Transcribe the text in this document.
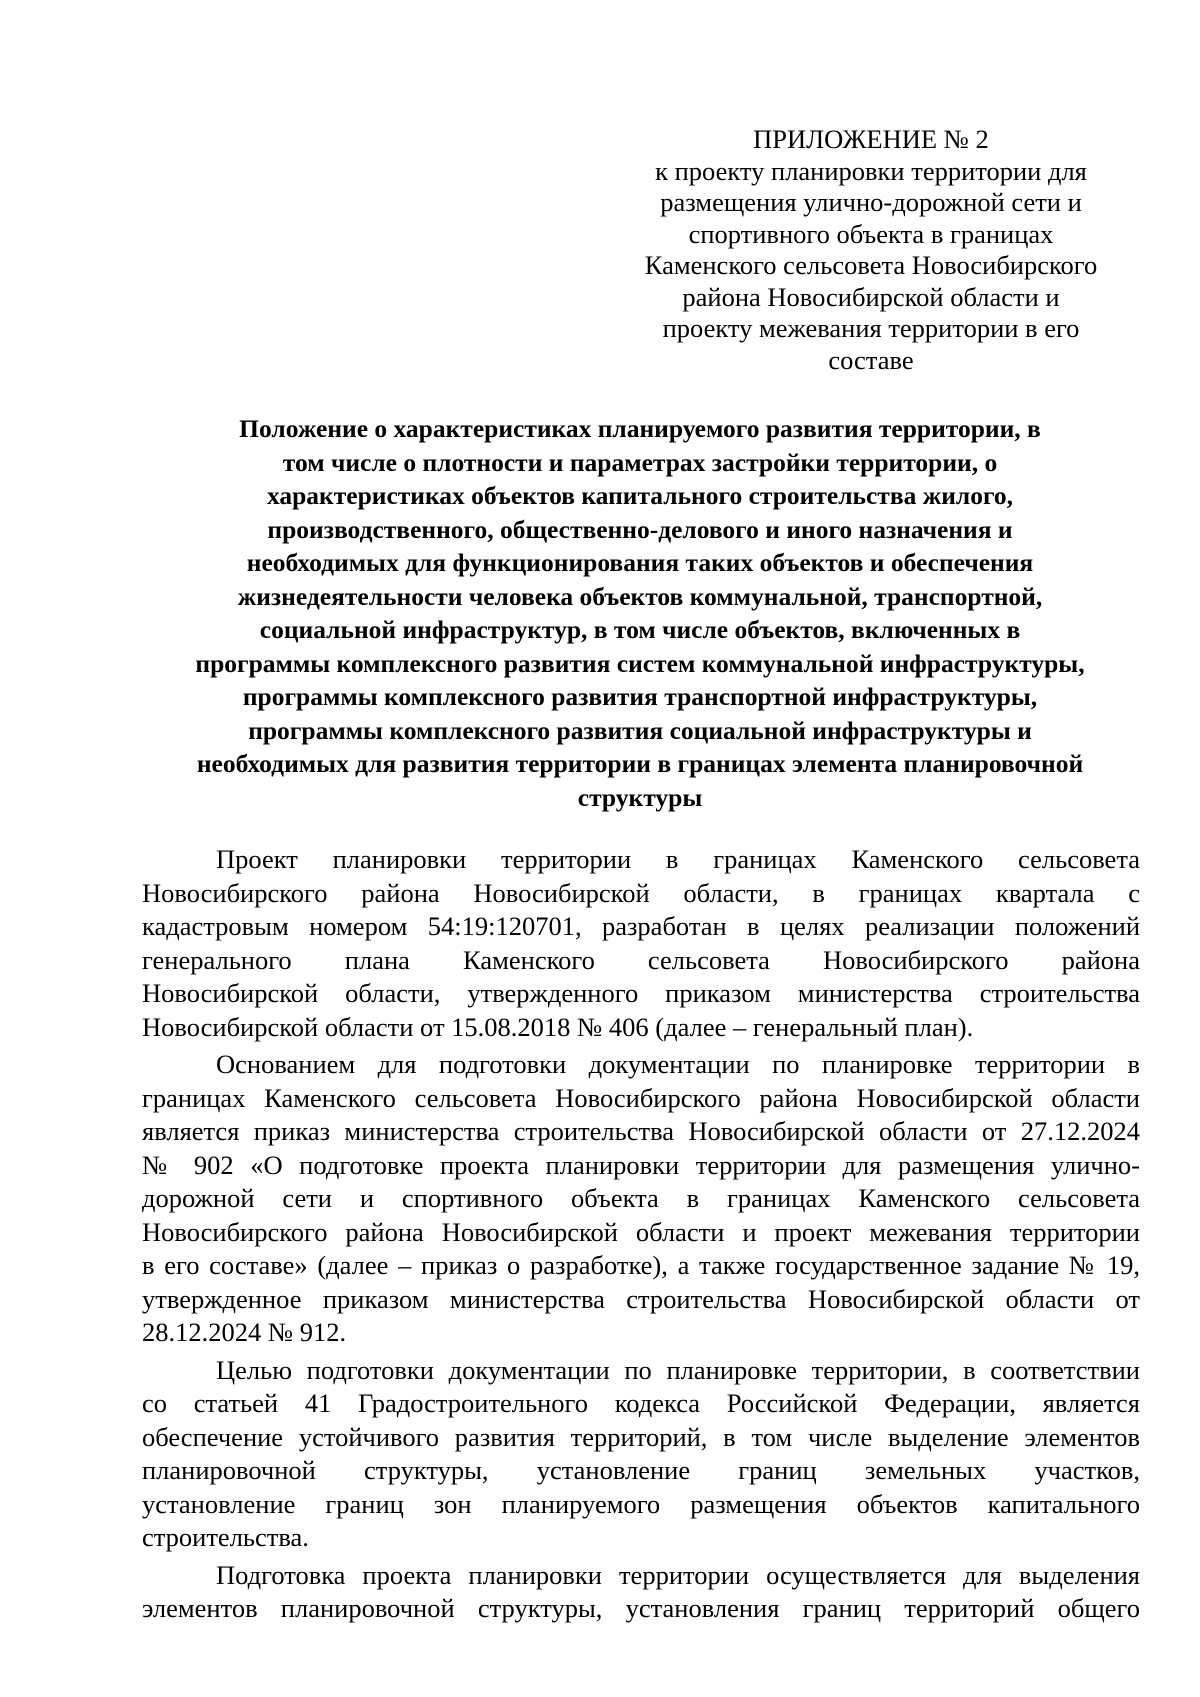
ПРИЛОЖЕНИЕ № 2
к проекту планировки территории для
размещения улично-дорожной сети и
спортивного объекта в границах
Каменского сельсовета Новосибирского
района Новосибирской области и
проекту межевания территории в его
составе
Положение о характеристиках планируемого развития территории, в
том числе о плотности и параметрах застройки территории, о
характеристиках объектов капитального строительства жилого,
производственного, общественно-делового и иного назначения и
необходимых для функционирования таких объектов и обеспечения
жизнедеятельности человека объектов коммунальной, транспортной,
социальной инфраструктур, в том числе объектов, включенных в
программы комплексного развития систем коммунальной инфраструктуры,
программы комплексного развития транспортной инфраструктуры,
программы комплексного развития социальной инфраструктуры и
необходимых для развития территории в границах элемента планировочной
структуры
Проект планировки территории в границах Каменского сельсовета
Новосибирского района Новосибирской области, в границах квартала с
кадастровым номером 54:19:120701, разработан в целях реализации положений
генерального плана Каменского сельсовета Новосибирского района
Новосибирской области, утвержденного приказом министерства строительства
Новосибирской области от 15.08.2018 № 406 (далее – генеральный план).
Основанием для подготовки документации по планировке территории в
границах Каменского сельсовета Новосибирского района Новосибирской области
является приказ министерства строительства Новосибирской области от 27.12.2024
№ 902 «О подготовке проекта планировки территории для размещения улично-
дорожной сети и спортивного объекта в границах Каменского сельсовета
Новосибирского района Новосибирской области и проект межевания территории
в его составе» (далее – приказ о разработке), а также государственное задание № 19,
утвержденное приказом министерства строительства Новосибирской области от
28.12.2024 № 912.
Целью подготовки документации по планировке территории, в соответствии
со статьей 41 Градостроительного кодекса Российской Федерации, является
обеспечение устойчивого развития территорий, в том числе выделение элементов
планировочной структуры, установление границ земельных участков,
установление границ зон планируемого размещения объектов капитального
строительства.
Подготовка проекта планировки территории осуществляется для выделения
элементов планировочной структуры, установления границ территорий общего
